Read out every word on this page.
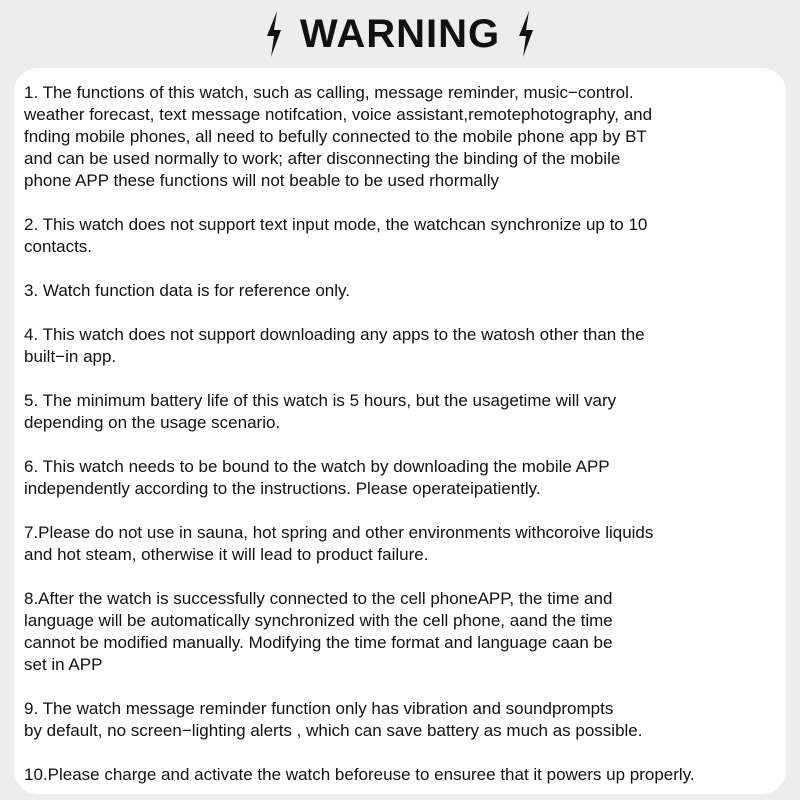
WARNING
1. The functions of this watch, such as calling, message reminder, music−control.
weather forecast, text message notifcation, voice assistant,remotephotography, and
fnding mobile phones, all need to befully connected to the mobile phone app by BT
and can be used normally to work; after disconnecting the binding of the mobile
phone APP these functions will not beable to be used rhormally
2. This watch does not support text input mode, the watchcan synchronize up to 10
contacts.
3. Watch function data is for reference only.
4. This watch does not support downloading any apps to the watosh other than the
built−in app.
5. The minimum battery life of this watch is 5 hours, but the usagetime will vary
depending on the usage scenario.
6. This watch needs to be bound to the watch by downloading the mobile APP
independently according to the instructions. Please operateipatiently.
7.Please do not use in sauna, hot spring and other environments withcoroive liquids
and hot steam, otherwise it will lead to product failure.
8.After the watch is successfully connected to the cell phoneAPP, the time and
language will be automatically synchronized with the cell phone, aand the time
cannot be modified manually. Modifying the time format and language caan be
set in APP
9. The watch message reminder function only has vibration and soundprompts
by default, no screen−lighting alerts , which can save battery as much as possible.
10.Please charge and activate the watch beforeuse to ensuree that it powers up properly.
